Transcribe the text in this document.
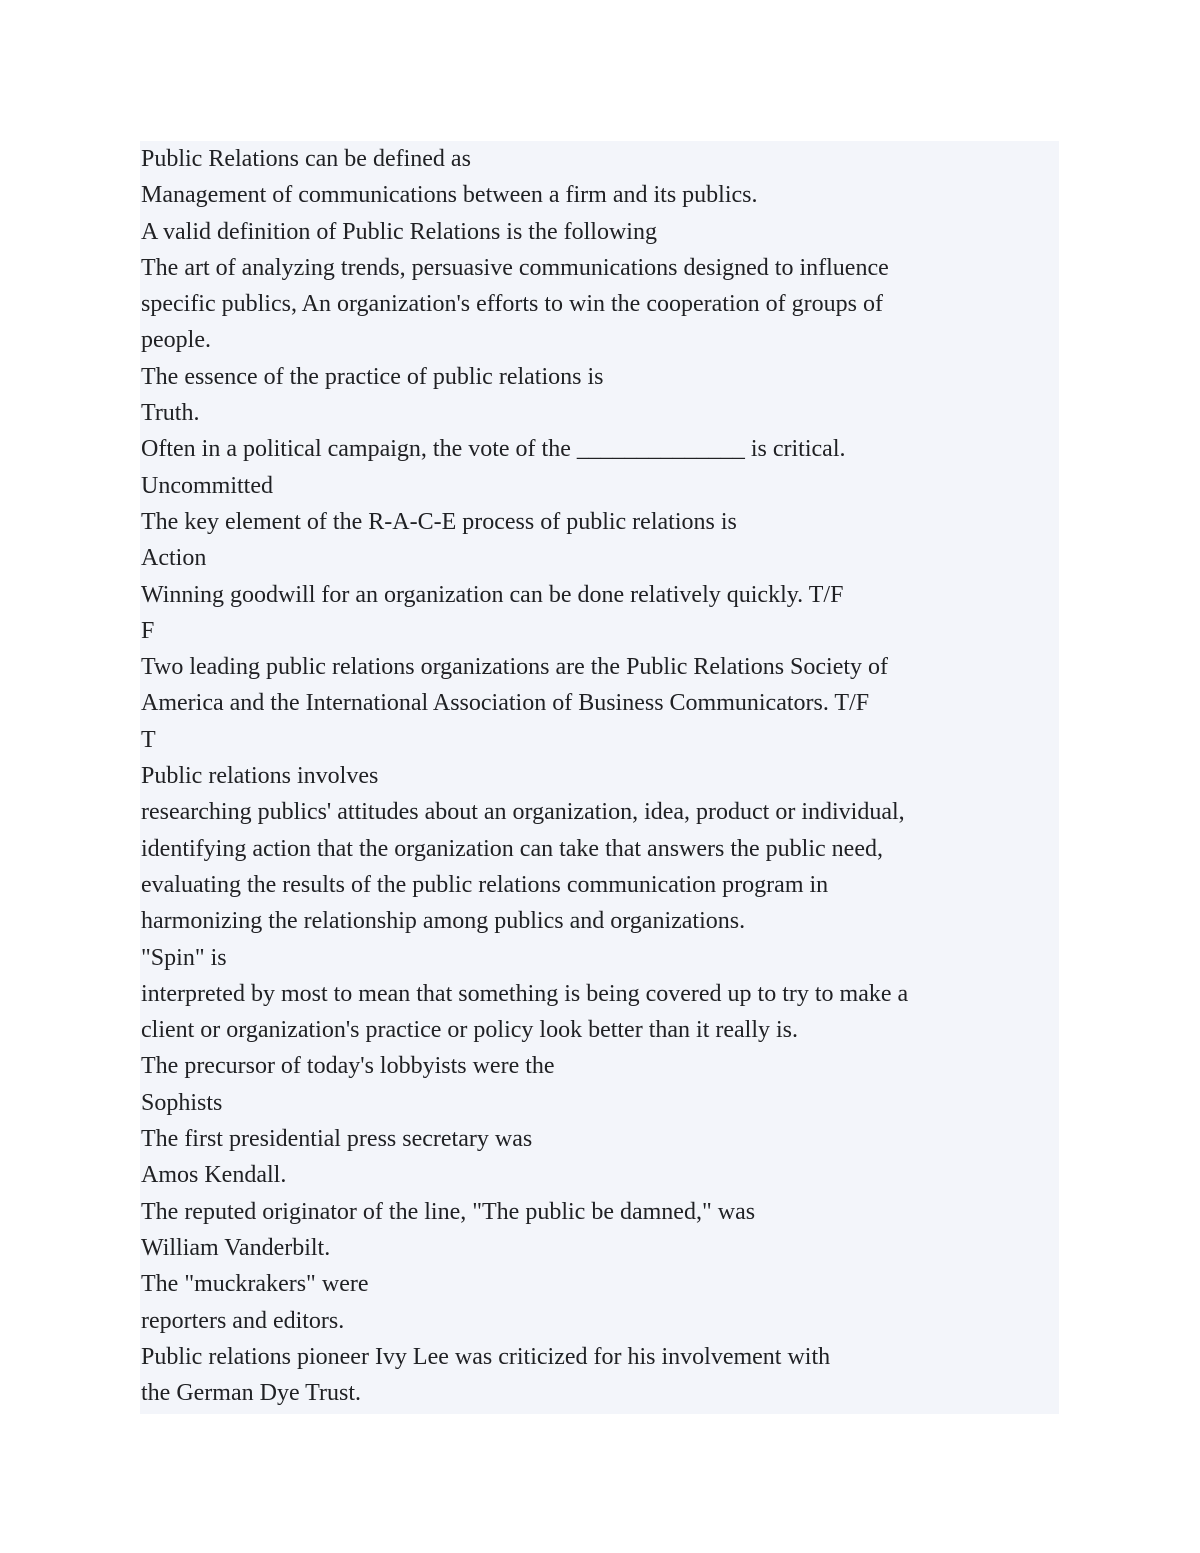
Public Relations can be defined as

Management of communications between a firm and its publics.

A valid definition of Public Relations is the following

The art of analyzing trends, persuasive communications designed to influence

specific publics, An organization's efforts to win the cooperation of groups of

people.

The essence of the practice of public relations is

Truth.

Often in a political campaign, the vote of the ______________ is critical.

Uncommitted

The key element of the R-A-C-E process of public relations is

Action

Winning goodwill for an organization can be done relatively quickly. T/F

F

Two leading public relations organizations are the Public Relations Society of

America and the International Association of Business Communicators. T/F

T

Public relations involves

researching publics' attitudes about an organization, idea, product or individual,

identifying action that the organization can take that answers the public need,

evaluating the results of the public relations communication program in

harmonizing the relationship among publics and organizations.

"Spin" is

interpreted by most to mean that something is being covered up to try to make a

client or organization's practice or policy look better than it really is.

The precursor of today's lobbyists were the

Sophists

The first presidential press secretary was

Amos Kendall.

The reputed originator of the line, "The public be damned," was

William Vanderbilt.

The "muckrakers" were

reporters and editors.

Public relations pioneer Ivy Lee was criticized for his involvement with

the German Dye Trust.
